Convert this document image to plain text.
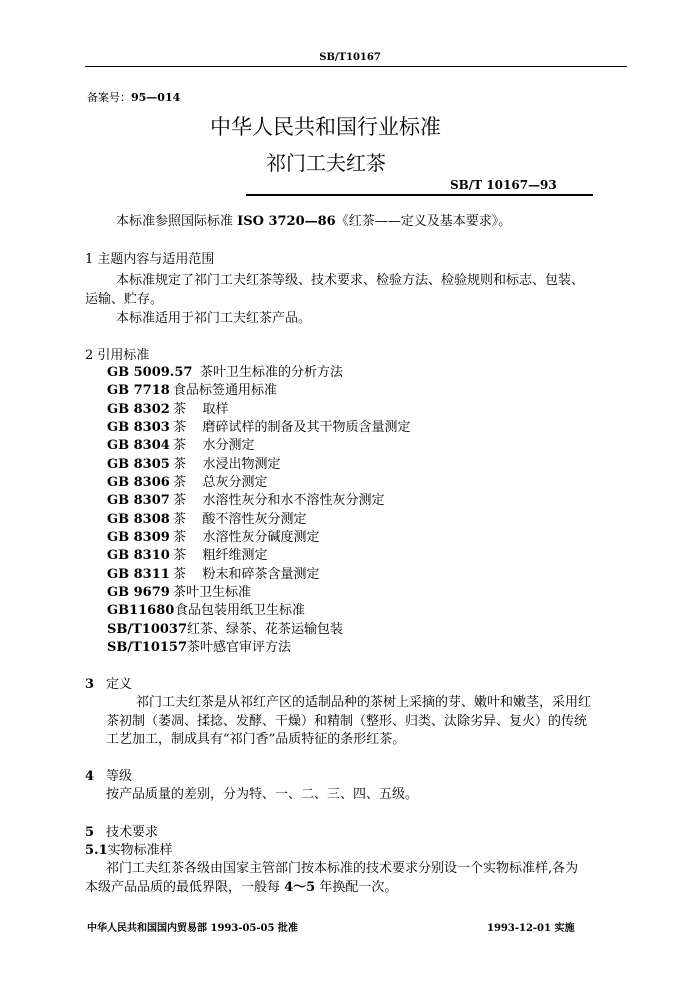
SB/T10167
备案号：95—014
中华人民共和国行业标准
祁门工夫红茶
SB/T 10167—93
本标准参照国际标准 ISO 3720—86《红茶——定义及基本要求》。
1 主题内容与适用范围
本标准规定了祁门工夫红茶等级、技术要求、检验方法、检验规则和标志、包装、
运输、贮存。
本标准适用于祁门工夫红茶产品。
2 引用标准
GB 5009.57 茶叶卫生标准的分析方法
GB 7718 食品标签通用标准
GB 8302 茶    取样
GB 8303 茶    磨碎试样的制备及其干物质含量测定
GB 8304 茶    水分测定
GB 8305 茶    水浸出物测定
GB 8306 茶    总灰分测定
GB 8307 茶    水溶性灰分和水不溶性灰分测定
GB 8308 茶    酸不溶性灰分测定
GB 8309 茶    水溶性灰分碱度测定
GB 8310 茶    粗纤维测定
GB 8311 茶    粉末和碎茶含量测定
GB 9679 茶叶卫生标准
GB11680食品包装用纸卫生标准
SB/T10037红茶、绿茶、花茶运输包装
SB/T10157茶叶感官审评方法
3 定义
祁门工夫红茶是从祁红产区的适制品种的茶树上采摘的芽、嫩叶和嫩茎，采用红
茶初制（萎凋、揉捻、发酵、干燥）和精制（整形、归类、汰除劣异、复火）的传统
工艺加工，制成具有“祁门香”品质特征的条形红茶。
4 等级
按产品质量的差别，分为特、一、二、三、四、五级。
5 技术要求
5.1实物标准样
祁门工夫红茶各级由国家主管部门按本标准的技术要求分别设一个实物标准样,各为
本级产品品质的最低界限，一般每 4～5 年换配一次。
中华人民共和国国内贸易部 1993-05-05 批准	1993-12-01 实施
